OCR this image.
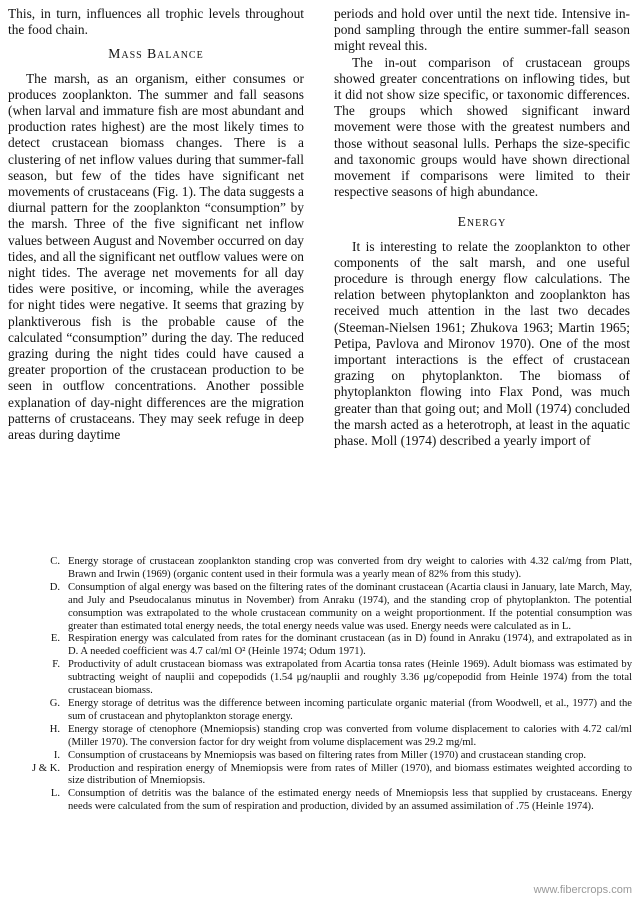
This, in turn, influences all trophic levels throughout the food chain.

Mass Balance

The marsh, as an organism, either consumes or produces zooplankton. The summer and fall seasons (when larval and immature fish are most abundant and production rates highest) are the most likely times to detect crustacean biomass changes. There is a clustering of net inflow values during that summer-fall season, but few of the tides have significant net movements of crustaceans (Fig. 1). The data suggests a diurnal pattern for the zooplankton “consumption” by the marsh. Three of the five significant net inflow values between August and November occurred on day tides, and all the significant net outflow values were on night tides. The average net movements for all day tides were positive, or incoming, while the averages for night tides were negative. It seems that grazing by planktiverous fish is the probable cause of the calculated “consumption” during the day. The reduced grazing during the night tides could have caused a greater proportion of the crustacean production to be seen in outflow concentrations. Another possible explanation of day-night differences are the migration patterns of crustaceans. They may seek refuge in deep areas during daytime

periods and hold over until the next tide. Intensive in-pond sampling through the entire summer-fall season might reveal this.

The in-out comparison of crustacean groups showed greater concentrations on inflowing tides, but it did not show size specific, or taxonomic differences. The groups which showed significant inward movement were those with the greatest numbers and those without seasonal lulls. Perhaps the size-specific and taxonomic groups would have shown directional movement if comparisons were limited to their respective seasons of high abundance.

Energy

It is interesting to relate the zooplankton to other components of the salt marsh, and one useful procedure is through energy flow calculations. The relation between phytoplankton and zooplankton has received much attention in the last two decades (Steeman-Nielsen 1961; Zhukova 1963; Martin 1965; Petipa, Pavlova and Mironov 1970). One of the most important interactions is the effect of crustacean grazing on phytoplankton. The biomass of phytoplankton flowing into Flax Pond, was much greater than that going out; and Moll (1974) concluded the marsh acted as a heterotroph, at least in the aquatic phase. Moll (1974) described a yearly import of

C. Energy storage of crustacean zooplankton standing crop was converted from dry weight to calories with 4.32 cal/mg from Platt, Brawn and Irwin (1969) (organic content used in their formula was a yearly mean of 82% from this study).

D. Consumption of algal energy was based on the filtering rates of the dominant crustacean (Acartia clausi in January, late March, May, and July and Pseudocalanus minutus in November) from Anraku (1974), and the standing crop of phytoplankton. The potential consumption was extrapolated to the whole crustacean community on a weight proportionment. If the potential consumption was greater than estimated total energy needs, the total energy needs value was used. Energy needs were calculated as in L.

E. Respiration energy was calculated from rates for the dominant crustacean (as in D) found in Anraku (1974), and extrapolated as in D. A needed coefficient was 4.7 cal/ml O² (Heinle 1974; Odum 1971).

F. Productivity of adult crustacean biomass was extrapolated from Acartia tonsa rates (Heinle 1969). Adult biomass was estimated by subtracting weight of nauplii and copepodids (1.54 μg/nauplii and roughly 3.36 μg/copepodid from Heinle 1974) from the total crustacean biomass.

G. Energy storage of detritus was the difference between incoming particulate organic material (from Woodwell, et al., 1977) and the sum of crustacean and phytoplankton storage energy.

H. Energy storage of ctenophore (Mnemiopsis) standing crop was converted from volume displacement to calories with 4.72 cal/ml (Miller 1970). The conversion factor for dry weight from volume displacement was 29.2 mg/ml.

I. Consumption of crustaceans by Mnemiopsis was based on filtering rates from Miller (1970) and crustacean standing crop.

J & K. Production and respiration energy of Mnemiopsis were from rates of Miller (1970), and biomass estimates weighted according to size distribution of Mnemiopsis.

L. Consumption of detritis was the balance of the estimated energy needs of Mnemiopsis less that supplied by crustaceans. Energy needs were calculated from the sum of respiration and production, divided by an assumed assimilation of .75 (Heinle 1974).

www.fibercrops.com
